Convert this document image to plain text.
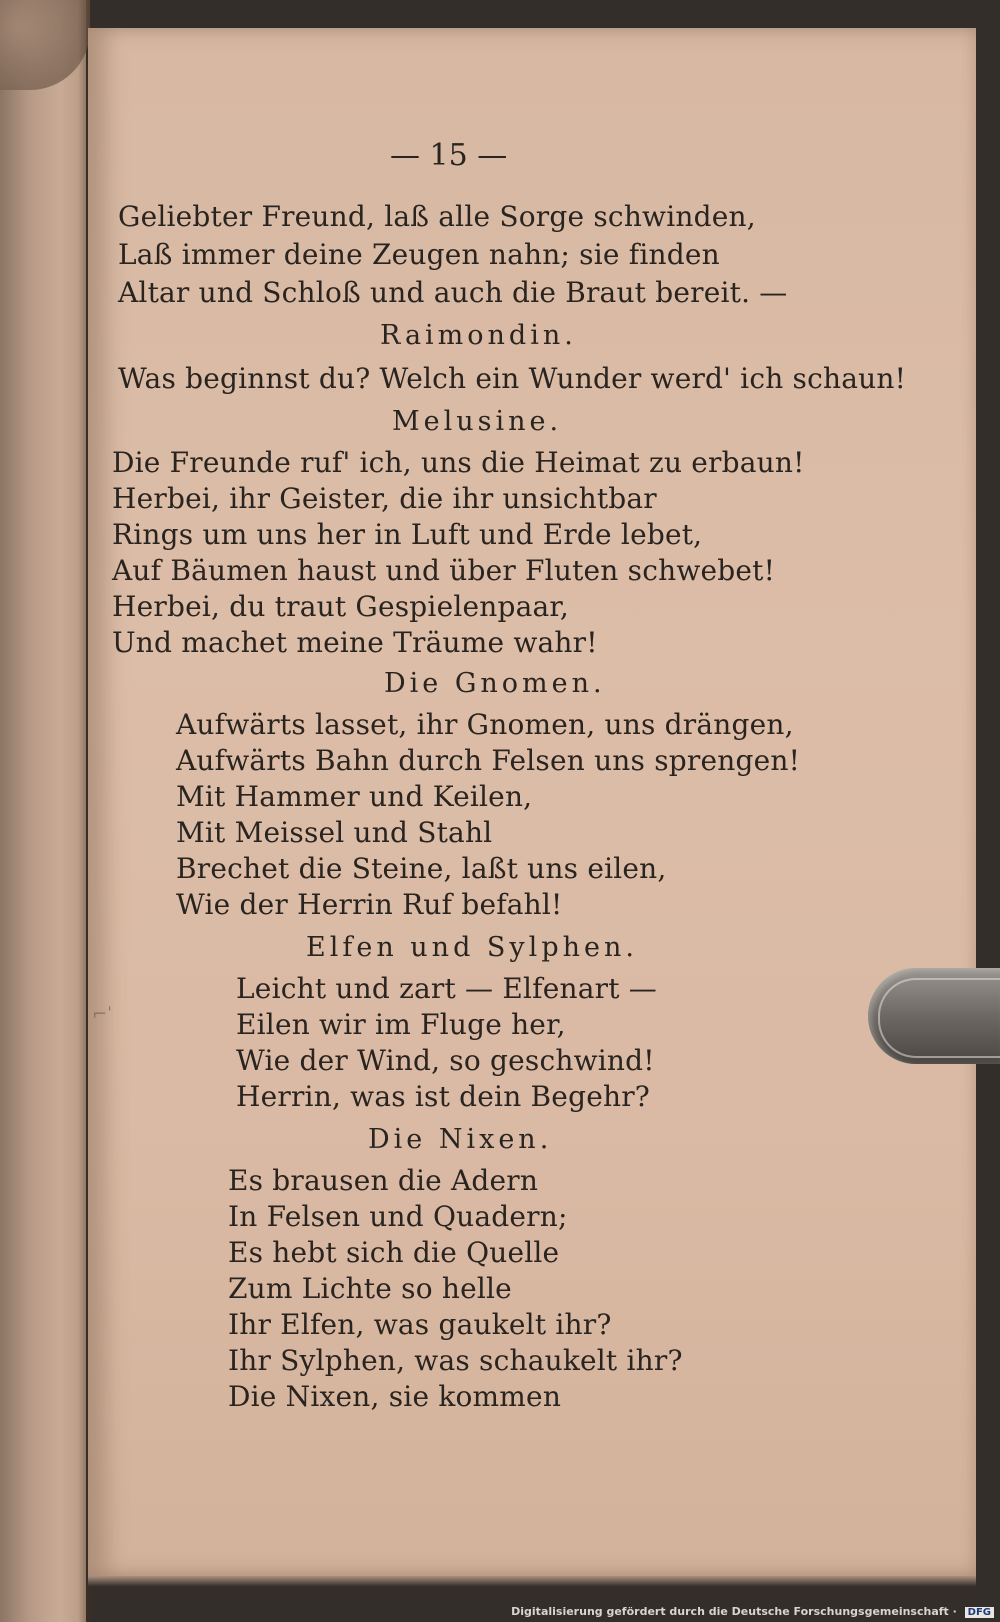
⌐ˈ
— 15 —
Geliebter Freund, laß alle Sorge schwinden,
Laß immer deine Zeugen nahn; sie finden
Altar und Schloß und auch die Braut bereit. —
Raimondin.
Was beginnst du? Welch ein Wunder werd' ich schaun!
Melusine.
Die Freunde ruf' ich, uns die Heimat zu erbaun!
Herbei, ihr Geister, die ihr unsichtbar
Rings um uns her in Luft und Erde lebet,
Auf Bäumen haust und über Fluten schwebet!
Herbei, du traut Gespielenpaar,
Und machet meine Träume wahr!
Die Gnomen.
Aufwärts lasset, ihr Gnomen, uns drängen,
Aufwärts Bahn durch Felsen uns sprengen!
Mit Hammer und Keilen,
Mit Meissel und Stahl
Brechet die Steine, laßt uns eilen,
Wie der Herrin Ruf befahl!
Elfen und Sylphen.
Leicht und zart — Elfenart —
Eilen wir im Fluge her,
Wie der Wind, so geschwind!
Herrin, was ist dein Begehr?
Die Nixen.
Es brausen die Adern
In Felsen und Quadern;
Es hebt sich die Quelle
Zum Lichte so helle
Ihr Elfen, was gaukelt ihr?
Ihr Sylphen, was schaukelt ihr?
Die Nixen, sie kommen
Digitalisierung gefördert durch die Deutsche Forschungsgemeinschaft · DFG
